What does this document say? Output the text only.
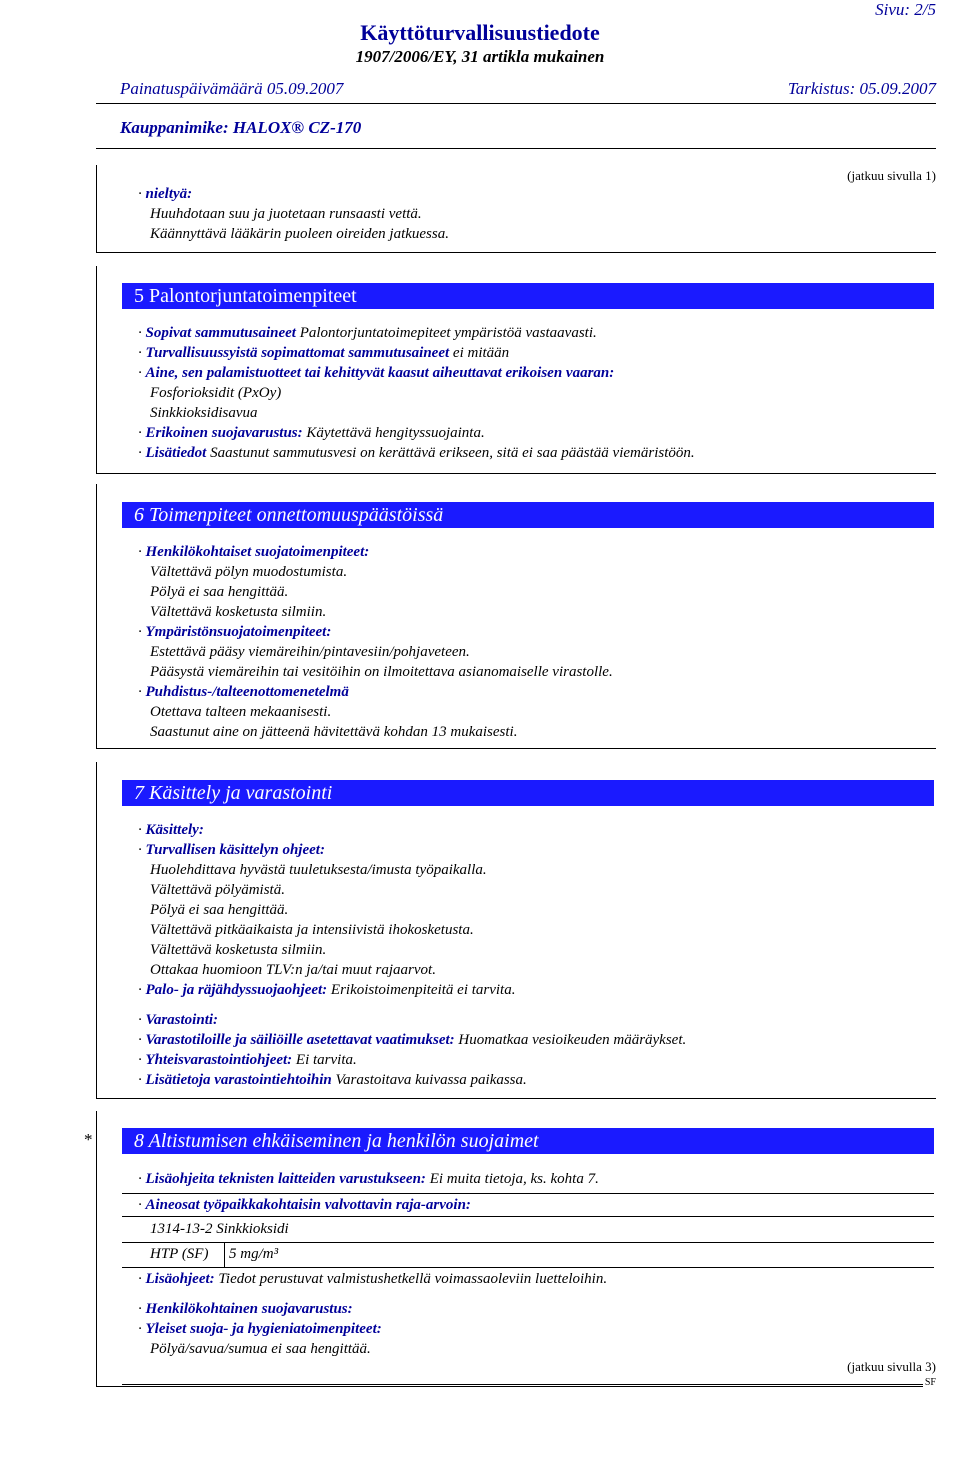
Käyttöturvallisuustiedote
Sivu: 2/5
1907/2006/EY, 31 artikla mukainen
Painatuspäivämäärä 05.09.2007	Tarkistus: 05.09.2007
Kauppanimike: HALOX® CZ-170
(jatkuu sivulla 1)
· nieltyä:
Huuhdotaan suu ja juotetaan runsaasti vettä.
Käännyttävä lääkärin puoleen oireiden jatkuessa.
5 Palontorjuntatoimenpiteet
· Sopivat sammutusaineet Palontorjuntatoimepiteet ympäristöä vastaavasti.
· Turvallisuussyistä sopimattomat sammutusaineet ei mitään
· Aine, sen palamistuotteet tai kehittyvät kaasut aiheuttavat erikoisen vaaran:
Fosforioksidit (PxOy)
Sinkkioksidisavua
· Erikoinen suojavarustus: Käytettävä hengityssuojainta.
· Lisätiedot Saastunut sammutusvesi on kerättävä erikseen, sitä ei saa päästää viemäristöön.
6 Toimenpiteet onnettomuuspäästöissä
· Henkilökohtaiset suojatoimenpiteet:
Vältettävä pölyn muodostumista.
Pölyä ei saa hengittää.
Vältettävä kosketusta silmiin.
· Ympäristönsuojatoimenpiteet:
Estettävä pääsy viemäreihin/pintavesiin/pohjaveteen.
Pääsystä viemäreihin tai vesitöihin on ilmoitettava asianomaiselle virastolle.
· Puhdistus-/talteenottomenetelmä
Otettava talteen mekaanisesti.
Saastunut aine on jätteenä hävitettävä kohdan 13 mukaisesti.
7 Käsittely ja varastointi
· Käsittely:
· Turvallisen käsittelyn ohjeet:
Huolehdittava hyvästä tuuletuksesta/imusta työpaikalla.
Vältettävä pölyämistä.
Pölyä ei saa hengittää.
Vältettävä pitkäaikaista ja intensiivistä ihokosketusta.
Vältettävä kosketusta silmiin.
Ottakaa huomioon TLV:n ja/tai muut rajaarvot.
· Palo- ja räjähdyssuojaohjeet: Erikoistoimenpiteitä ei tarvita.
· Varastointi:
· Varastotiloille ja säiliöille asetettavat vaatimukset: Huomatkaa vesioikeuden määräykset.
· Yhteisvarastointiohjeet: Ei tarvita.
· Lisätietoja varastointiehtoihin Varastoitava kuivassa paikassa.
*	8 Altistumisen ehkäiseminen ja henkilön suojaimet
· Lisäohjeita teknisten laitteiden varustukseen: Ei muita tietoja, ks. kohta 7.
· Aineosat työpaikkakohtaisin valvottavin raja-arvoin:
1314-13-2 Sinkkioksidi
HTP (SF) 5 mg/m³
· Lisäohjeet: Tiedot perustuvat valmistushetkellä voimassaoleviin luetteloihin.
· Henkilökohtainen suojavarustus:
· Yleiset suoja- ja hygieniatoimenpiteet:
Pölyä/savua/sumua ei saa hengittää.
(jatkuu sivulla 3)
SF
